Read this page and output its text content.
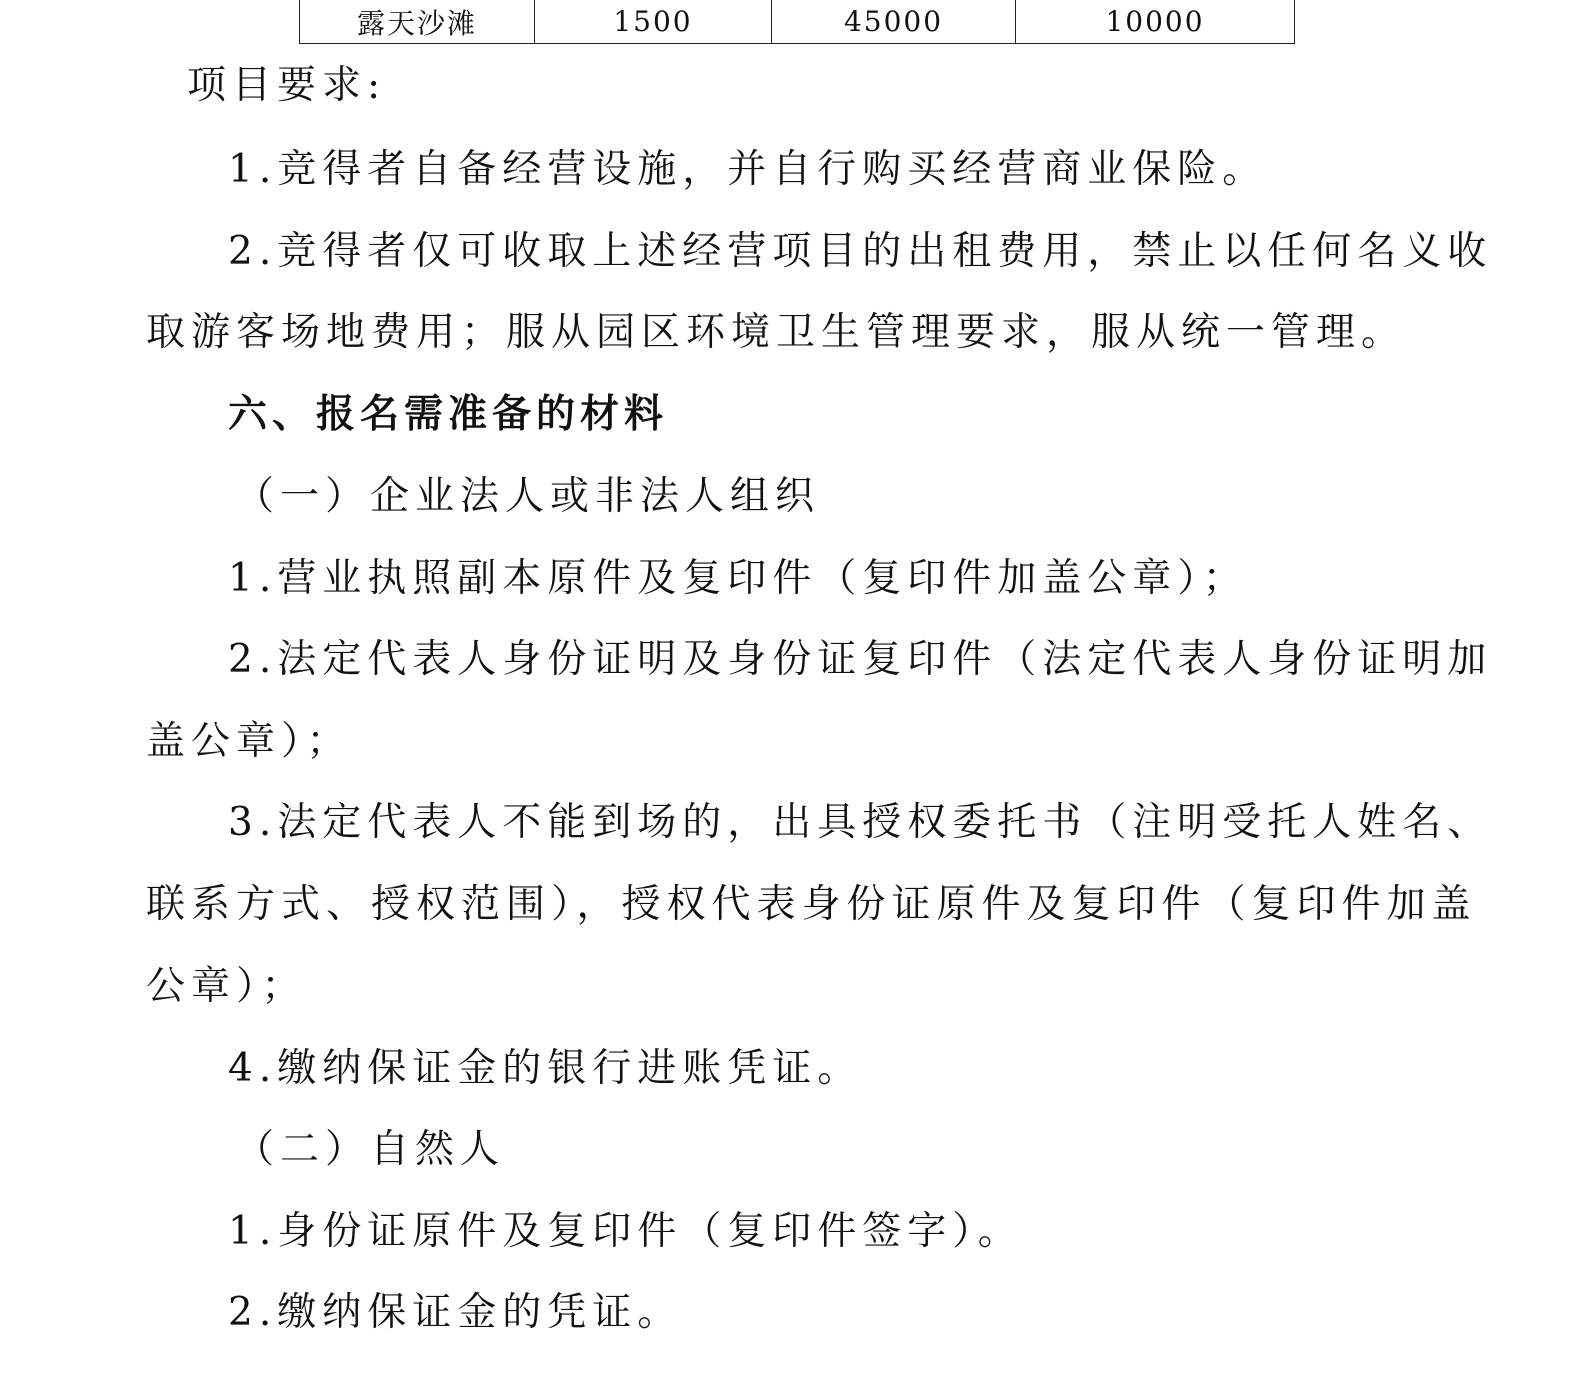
露天沙滩	1500	45000	10000

项目要求:

1.竞得者自备经营设施，并自行购买经营商业保险。

2.竞得者仅可收取上述经营项目的出租费用，禁止以任何名义收

取游客场地费用；服从园区环境卫生管理要求，服从统一管理。

六、报名需准备的材料

（一）企业法人或非法人组织

1.营业执照副本原件及复印件（复印件加盖公章）；

2.法定代表人身份证明及身份证复印件（法定代表人身份证明加

盖公章）；

3.法定代表人不能到场的，出具授权委托书（注明受托人姓名、

联系方式、授权范围），授权代表身份证原件及复印件（复印件加盖

公章）；

4.缴纳保证金的银行进账凭证。

（二）自然人

1.身份证原件及复印件（复印件签字）。

2.缴纳保证金的凭证。
